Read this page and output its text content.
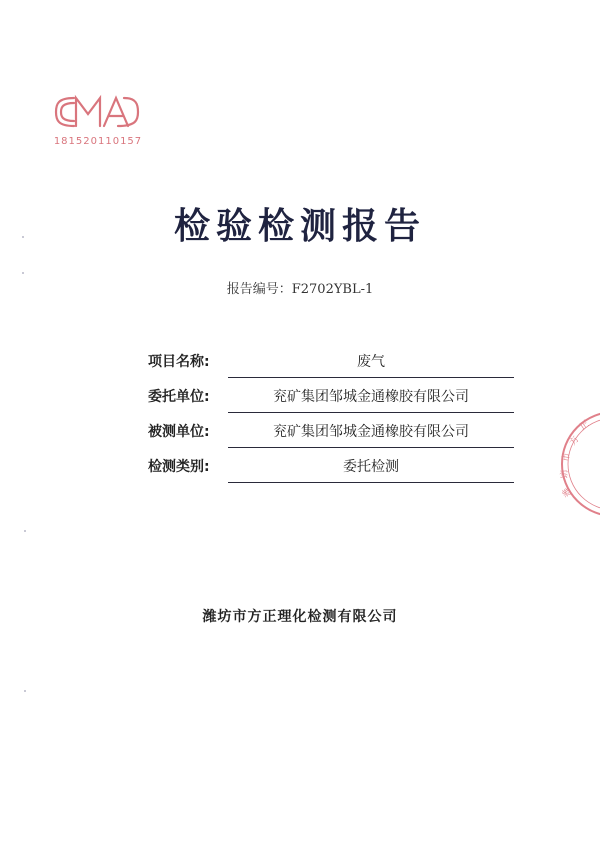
181520110157
检验检测报告
报告编号：F2702YBL-1
项目名称:	废气
委托单位:	兖矿集团邹城金通橡胶有限公司
被测单位:	兖矿集团邹城金通橡胶有限公司
检测类别:	委托检测
潍坊市方正理化检测有限公司
方
市
坊
潍
正
